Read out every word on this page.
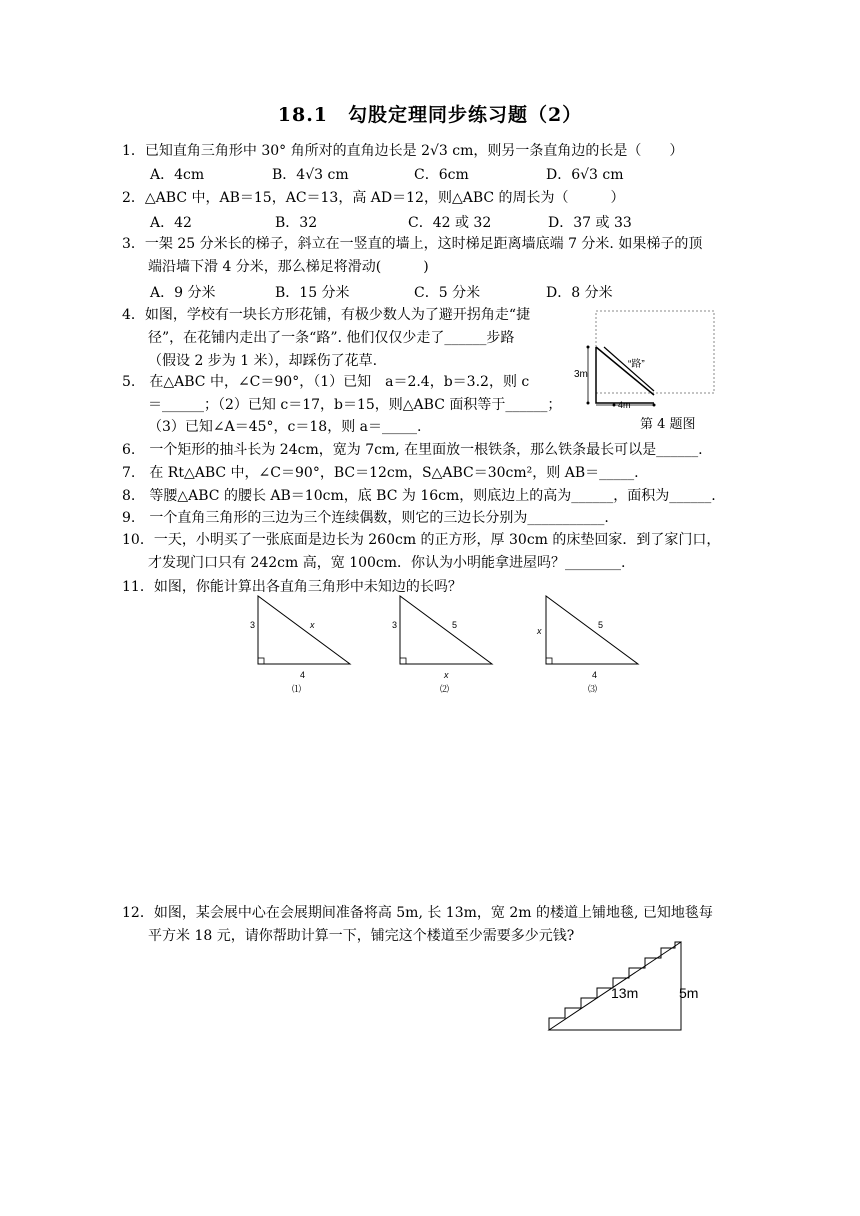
18.1　勾股定理同步练习题（2）
1．已知直角三角形中 30° 角所对的直角边长是 2√3 cm，则另一条直角边的长是（　　）
A．4cm	B．4√3 cm	C．6cm	D．6√3 cm
2．△ABC 中，AB＝15，AC＝13，高 AD＝12，则△ABC 的周长为（　　　）
A．42	B．32	C．42 或 32	D．37 或 33
3．一架 25 分米长的梯子，斜立在一竖直的墙上，这时梯足距离墙底端 7 分米. 如果梯子的顶
端沿墙下滑 4 分米，那么梯足将滑动(　　　)
A．9 分米	B．15 分米	C．5 分米	D．8 分米
4．如图，学校有一块长方形花铺，有极少数人为了避开拐角走“捷
径”，在花铺内走出了一条“路”. 他们仅仅少走了______步路
（假设 2 步为 1 米），却踩伤了花草.	“路”
3m
4m
第 4 题图
5.　在△ABC 中，∠C＝90°，（1）已知　a＝2.4，b＝3.2，则 c
＝______；（2）已知 c＝17，b＝15，则△ABC 面积等于______；
（3）已知∠A＝45°，c＝18，则 a＝_____.
6.　一个矩形的抽斗长为 24cm，宽为 7cm, 在里面放一根铁条，那么铁条最长可以是______.
7.　在 Rt△ABC 中，∠C＝90°，BC＝12cm，S△ABC＝30cm²，则 AB＝_____.
8.　等腰△ABC 的腰长 AB＝10cm，底 BC 为 16cm，则底边上的高为______，面积为______.
9.　一个直角三角形的三边为三个连续偶数，则它的三边长分别为___________.
10．一天，小明买了一张底面是边长为 260cm 的正方形，厚 30cm 的床垫回家．到了家门口，
才发现门口只有 242cm 高，宽 100cm．你认为小明能拿进屋吗？________.
11．如图，你能计算出各直角三角形中未知边的长吗？
3
4
x
⑴
3
x
5
⑵
x
4
5
⑶
12．如图，某会展中心在会展期间准备将高 5m, 长 13m，宽 2m 的楼道上铺地毯, 已知地毯每
平方米 18 元，请你帮助计算一下，铺完这个楼道至少需要多少元钱?
13m	5m
